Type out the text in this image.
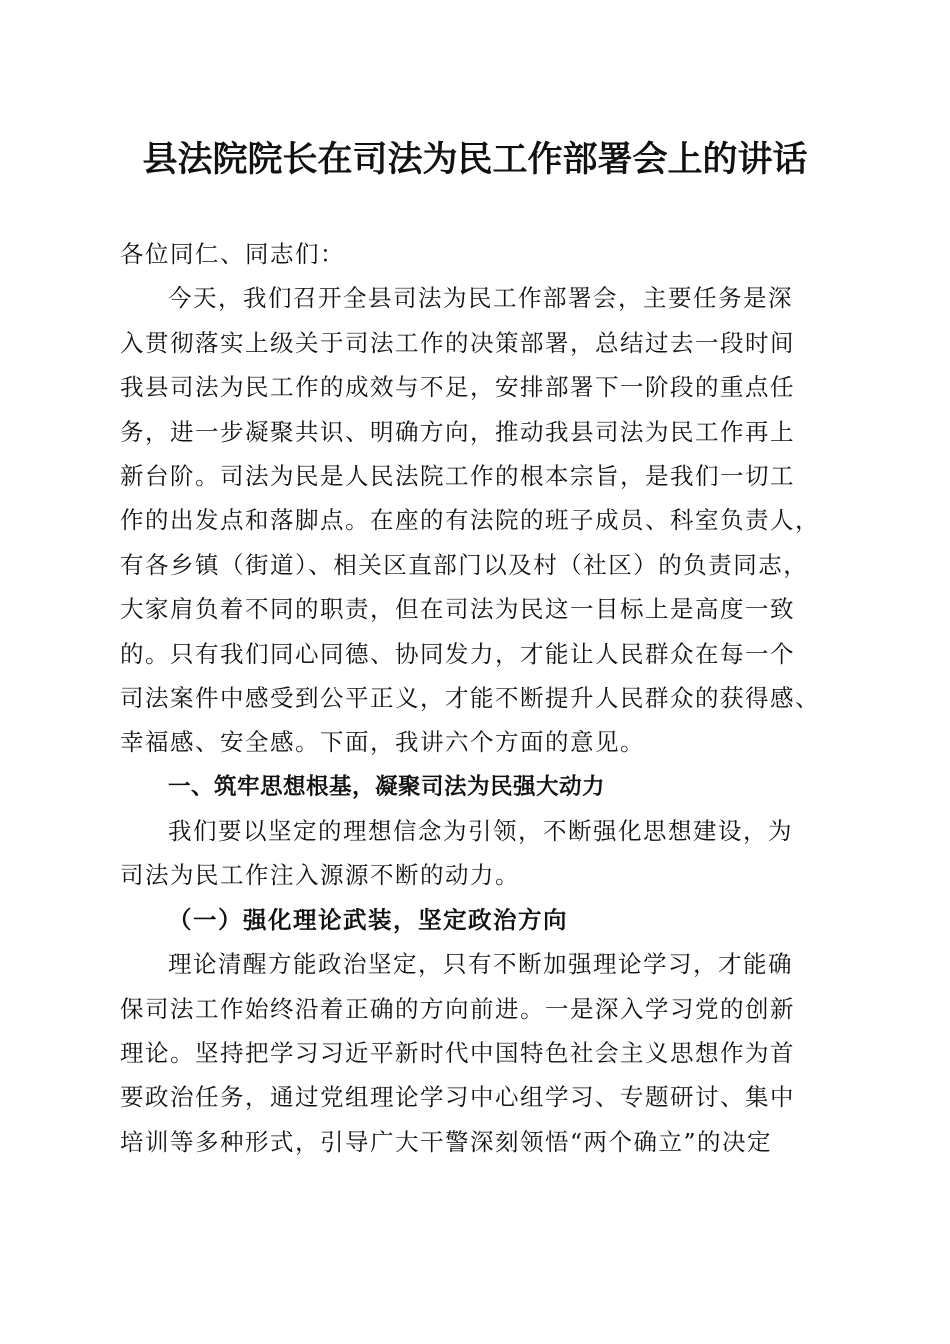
县法院院长在司法为民工作部署会上的讲话
各位同仁、同志们：
今天，我们召开全县司法为民工作部署会，主要任务是深
入贯彻落实上级关于司法工作的决策部署，总结过去一段时间
我县司法为民工作的成效与不足，安排部署下一阶段的重点任
务，进一步凝聚共识、明确方向，推动我县司法为民工作再上
新台阶。司法为民是人民法院工作的根本宗旨，是我们一切工
作的出发点和落脚点。在座的有法院的班子成员、科室负责人，
有各乡镇（街道）、相关区直部门以及村（社区）的负责同志，
大家肩负着不同的职责，但在司法为民这一目标上是高度一致
的。只有我们同心同德、协同发力，才能让人民群众在每一个
司法案件中感受到公平正义，才能不断提升人民群众的获得感、
幸福感、安全感。下面，我讲六个方面的意见。
一、筑牢思想根基，凝聚司法为民强大动力
我们要以坚定的理想信念为引领，不断强化思想建设，为
司法为民工作注入源源不断的动力。
（一）强化理论武装，坚定政治方向
理论清醒方能政治坚定，只有不断加强理论学习，才能确
保司法工作始终沿着正确的方向前进。一是深入学习党的创新
理论。坚持把学习习近平新时代中国特色社会主义思想作为首
要政治任务，通过党组理论学习中心组学习、专题研讨、集中
培训等多种形式，引导广大干警深刻领悟“两个确立”的决定
